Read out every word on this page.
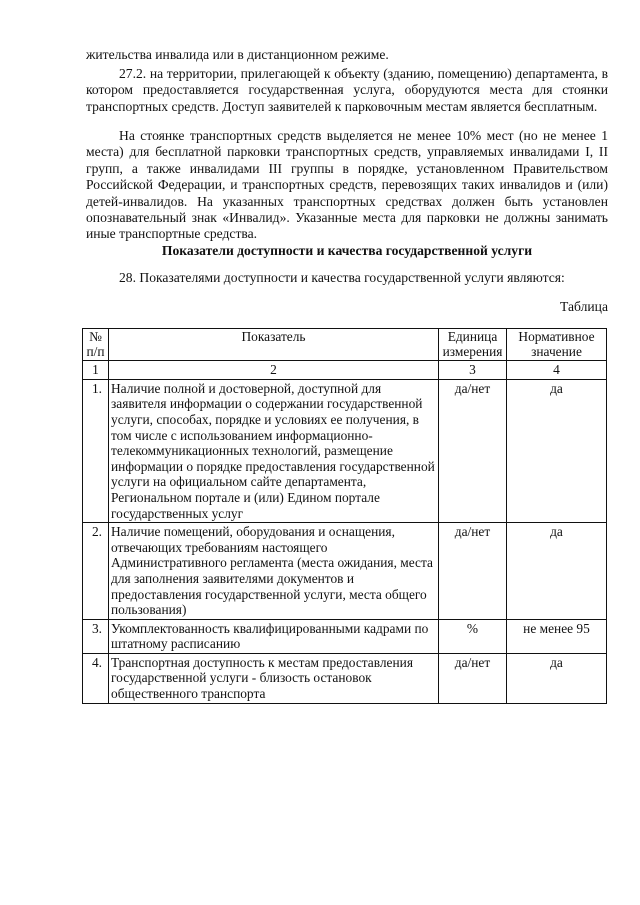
жительства инвалида или в дистанционном режиме.

27.2. на территории, прилегающей к объекту (зданию, помещению) департамента, в котором предоставляется государственная услуга, оборудуются места для стоянки транспортных средств. Доступ заявителей к парковочным местам является бесплатным.

На стоянке транспортных средств выделяется не менее 10% мест (но не менее 1 места) для бесплатной парковки транспортных средств, управляемых инвалидами I, II групп, а также инвалидами III группы в порядке, установленном Правительством Российской Федерации, и транспортных средств, перевозящих таких инвалидов и (или) детей-инвалидов. На указанных транспортных средствах должен быть установлен опознавательный знак «Инвалид». Указанные места для парковки не должны занимать иные транспортные средства.

Показатели доступности и качества государственной услуги

28. Показателями доступности и качества государственной услуги являются:

Таблица

№ п/п	Показатель	Единица измерения	Нормативное значение
1	2	3	4
1.	Наличие полной и достоверной, доступной для заявителя информации о содержании государственной услуги, способах, порядке и условиях ее получения, в том числе с использованием информационно-телекоммуникационных технологий, размещение информации о порядке предоставления государственной услуги на официальном сайте департамента, Региональном портале и (или) Едином портале государственных услуг	да/нет	да
2.	Наличие помещений, оборудования и оснащения, отвечающих требованиям настоящего Административного регламента (места ожидания, места для заполнения заявителями документов и предоставления государственной услуги, места общего пользования)	да/нет	да
3.	Укомплектованность квалифицированными кадрами по штатному расписанию	%	не менее 95
4.	Транспортная доступность к местам предоставления государственной услуги - близость остановок общественного транспорта	да/нет	да
